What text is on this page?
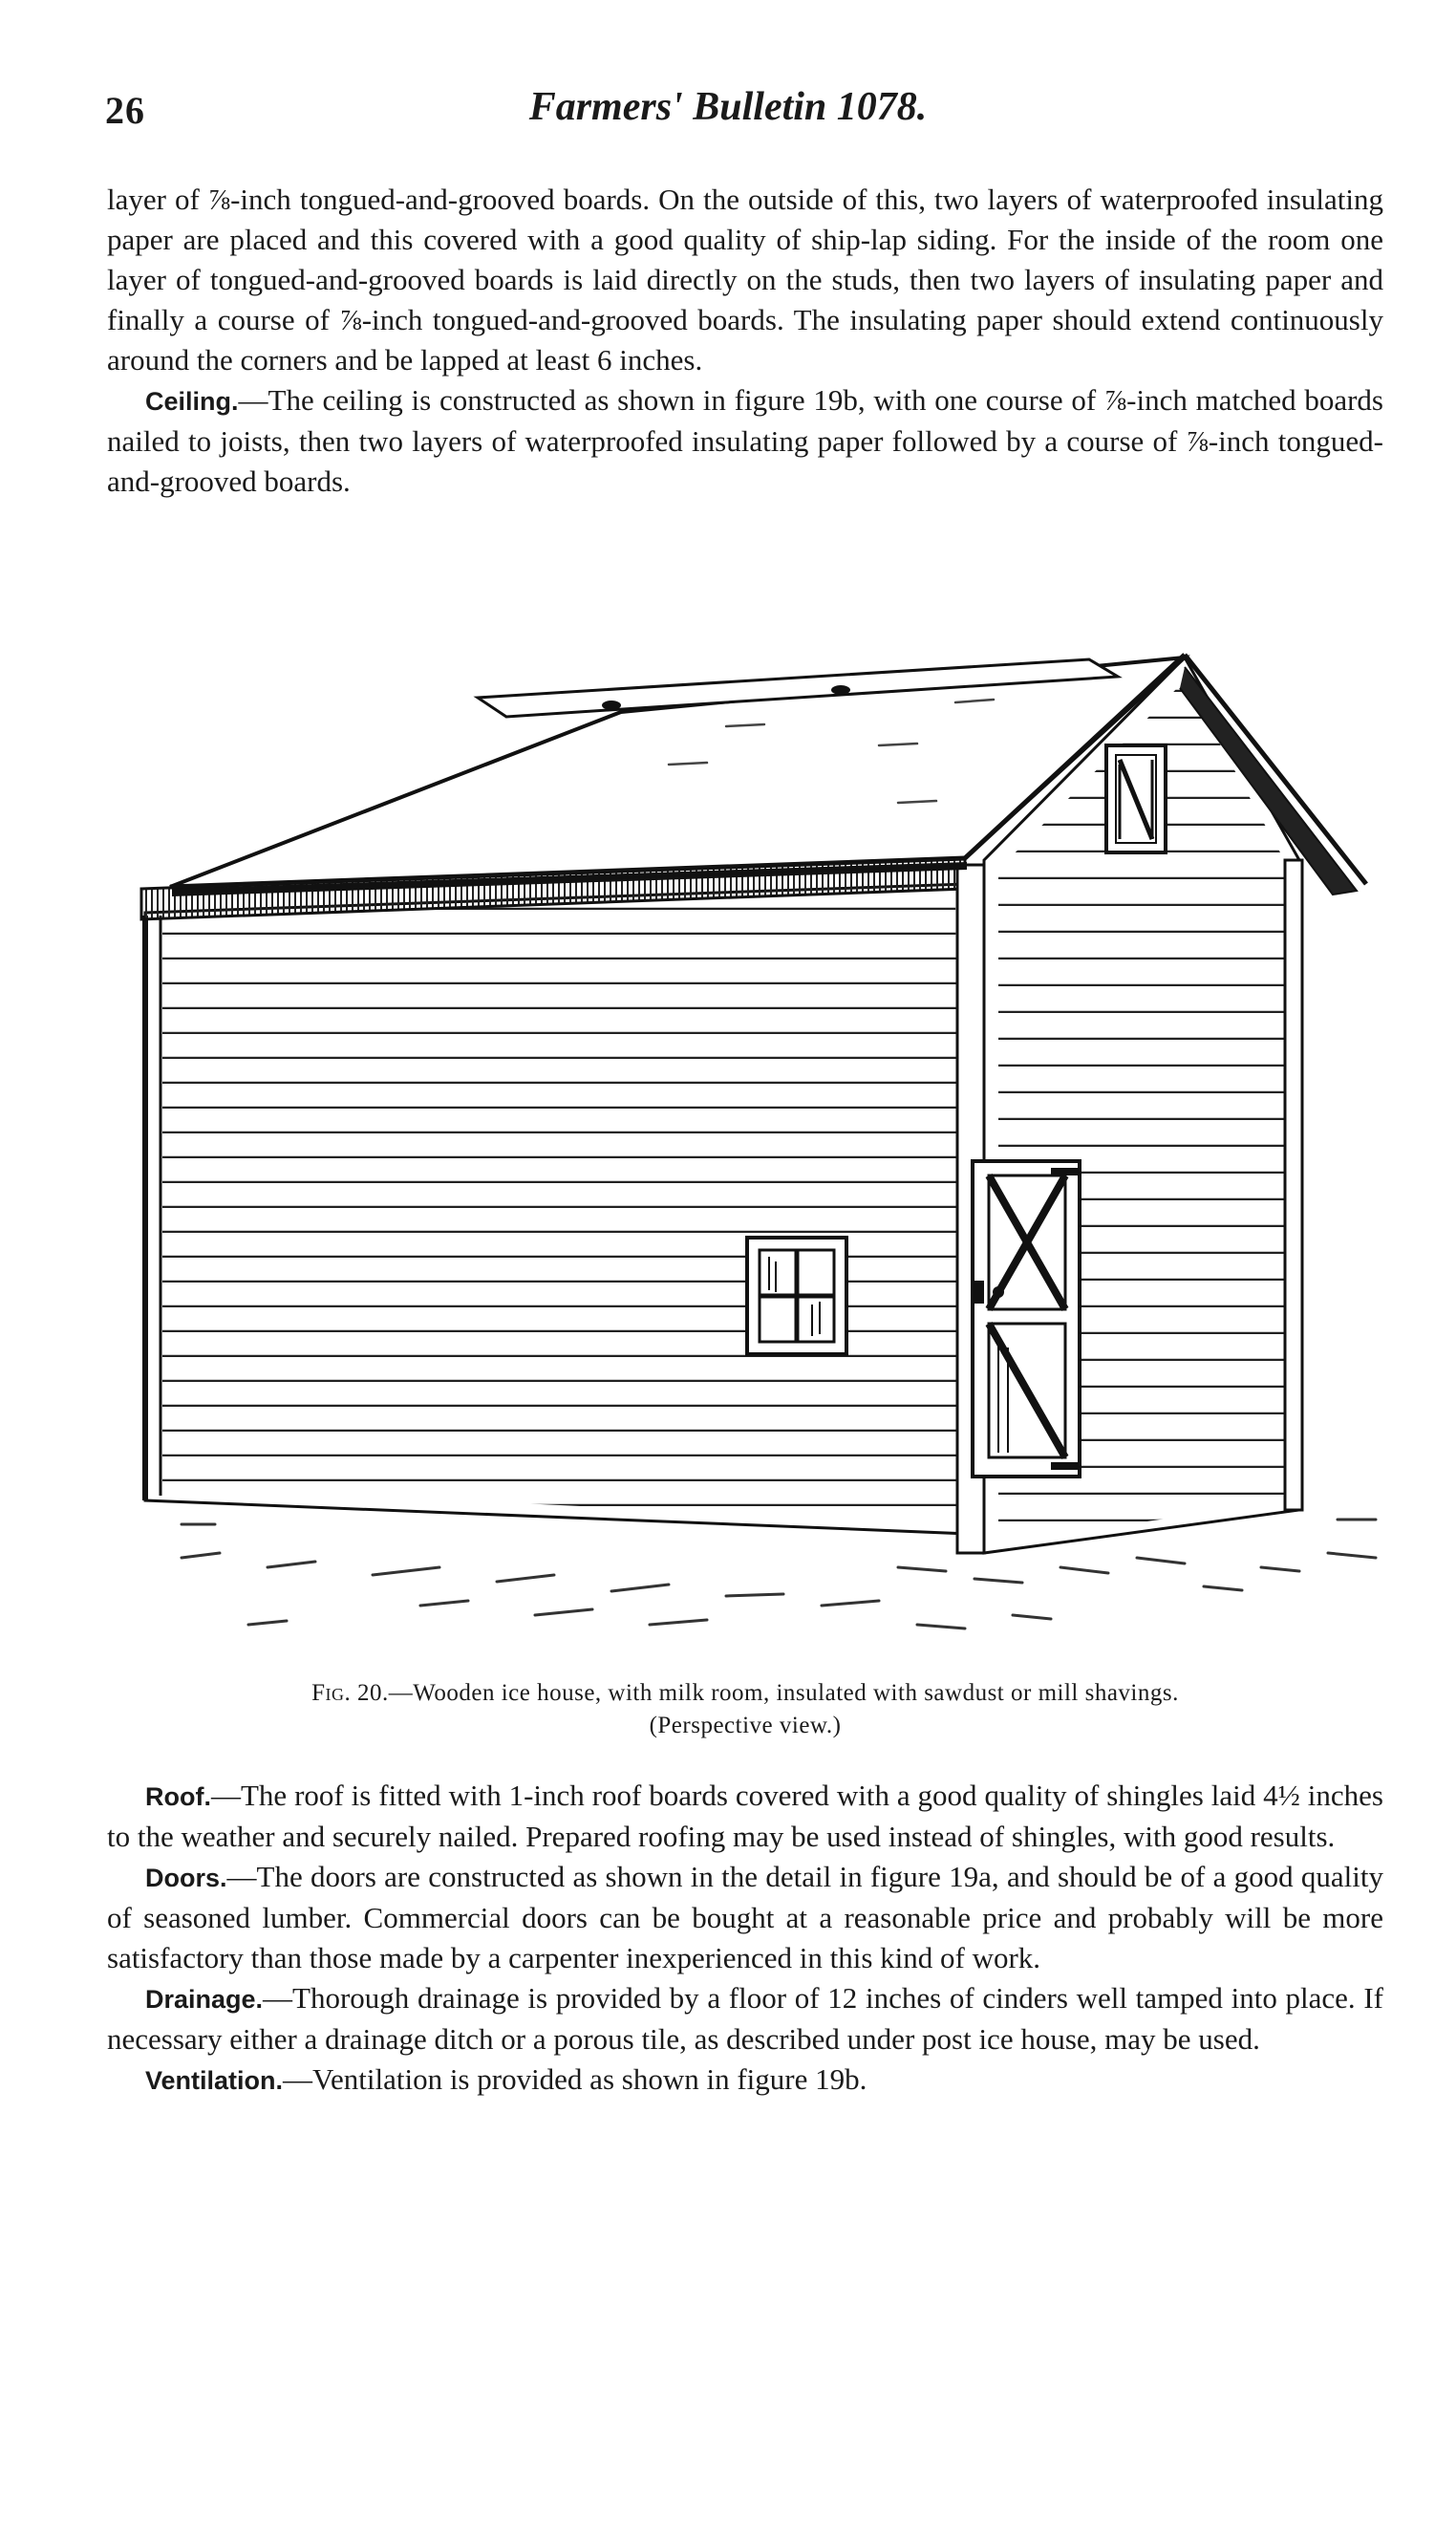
26	Farmers' Bulletin 1078.

layer of ⅞-inch tongued-and-grooved boards. On the outside of this, two layers of waterproofed insulating paper are placed and this covered with a good quality of ship-lap siding. For the inside of the room one layer of tongued-and-grooved boards is laid directly on the studs, then two layers of insulating paper and finally a course of ⅞-inch tongued-and-grooved boards. The insulating paper should extend continuously around the corners and be lapped at least 6 inches.

Ceiling.—The ceiling is constructed as shown in figure 19b, with one course of ⅞-inch matched boards nailed to joists, then two layers of waterproofed insulating paper followed by a course of ⅞-inch tongued-and-grooved boards.

Fig. 20.—Wooden ice house, with milk room, insulated with sawdust or mill shavings.
(Perspective view.)

Roof.—The roof is fitted with 1-inch roof boards covered with a good quality of shingles laid 4½ inches to the weather and securely nailed. Prepared roofing may be used instead of shingles, with good results.

Doors.—The doors are constructed as shown in the detail in figure 19a, and should be of a good quality of seasoned lumber. Commercial doors can be bought at a reasonable price and probably will be more satisfactory than those made by a carpenter inexperienced in this kind of work.

Drainage.—Thorough drainage is provided by a floor of 12 inches of cinders well tamped into place. If necessary either a drainage ditch or a porous tile, as described under post ice house, may be used.

Ventilation.—Ventilation is provided as shown in figure 19b.
